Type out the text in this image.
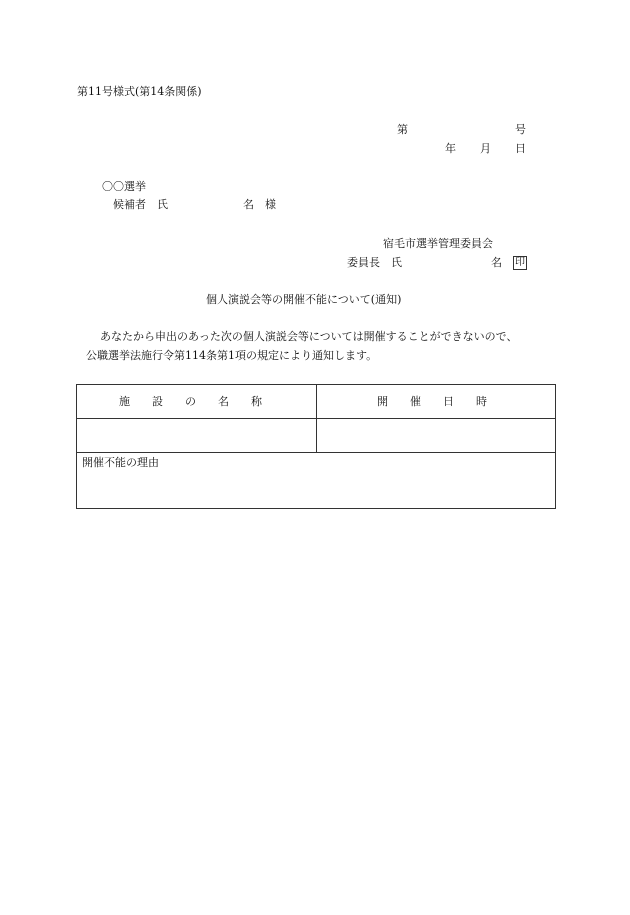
第11号様式(第14条関係)
第	号
年 月 日
〇〇選挙
候補者　氏	名　様
宿毛市選挙管理委員会
委員長　氏	名 印
個人演説会等の開催不能について(通知)
あなたから申出のあった次の個人演説会等については開催することができないので、
公職選挙法施行令第114条第1項の規定により通知します。
施　　設　　の　　名　　称	開　　催　　日　　時
開催不能の理由
